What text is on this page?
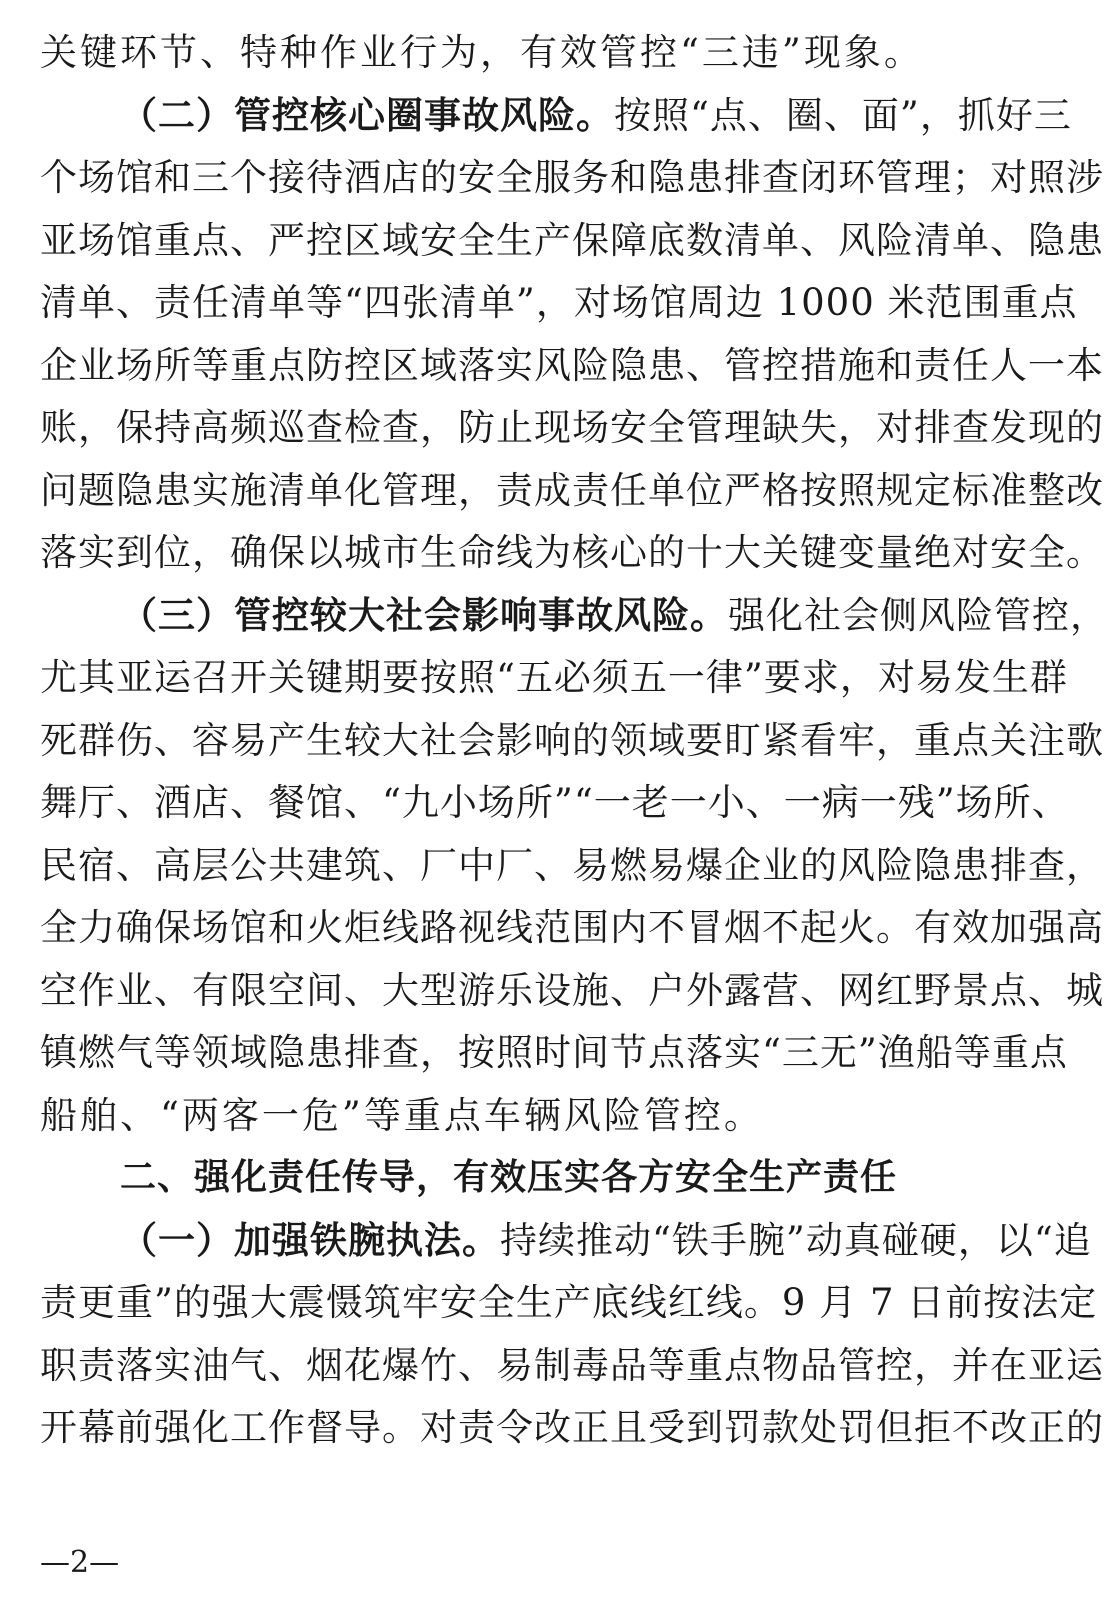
关键环节、特种作业行为，有效管控“三违”现象。
（二）管控核心圈事故风险。按照“点、圈、面”，抓好三
个场馆和三个接待酒店的安全服务和隐患排查闭环管理；对照涉
亚场馆重点、严控区域安全生产保障底数清单、风险清单、隐患
清单、责任清单等“四张清单”，对场馆周边 1000 米范围重点
企业场所等重点防控区域落实风险隐患、管控措施和责任人一本
账，保持高频巡查检查，防止现场安全管理缺失，对排查发现的
问题隐患实施清单化管理，责成责任单位严格按照规定标准整改
落实到位，确保以城市生命线为核心的十大关键变量绝对安全。
（三）管控较大社会影响事故风险。强化社会侧风险管控，
尤其亚运召开关键期要按照“五必须五一律”要求，对易发生群
死群伤、容易产生较大社会影响的领域要盯紧看牢，重点关注歌
舞厅、酒店、餐馆、“九小场所”“一老一小、一病一残”场所、
民宿、高层公共建筑、厂中厂、易燃易爆企业的风险隐患排查，
全力确保场馆和火炬线路视线范围内不冒烟不起火。有效加强高
空作业、有限空间、大型游乐设施、户外露营、网红野景点、城
镇燃气等领域隐患排查，按照时间节点落实“三无”渔船等重点
船舶、“两客一危”等重点车辆风险管控。
二、强化责任传导，有效压实各方安全生产责任
（一）加强铁腕执法。持续推动“铁手腕”动真碰硬，以“追
责更重”的强大震慑筑牢安全生产底线红线。9 月 7 日前按法定
职责落实油气、烟花爆竹、易制毒品等重点物品管控，并在亚运
开幕前强化工作督导。对责令改正且受到罚款处罚但拒不改正的
—2—
